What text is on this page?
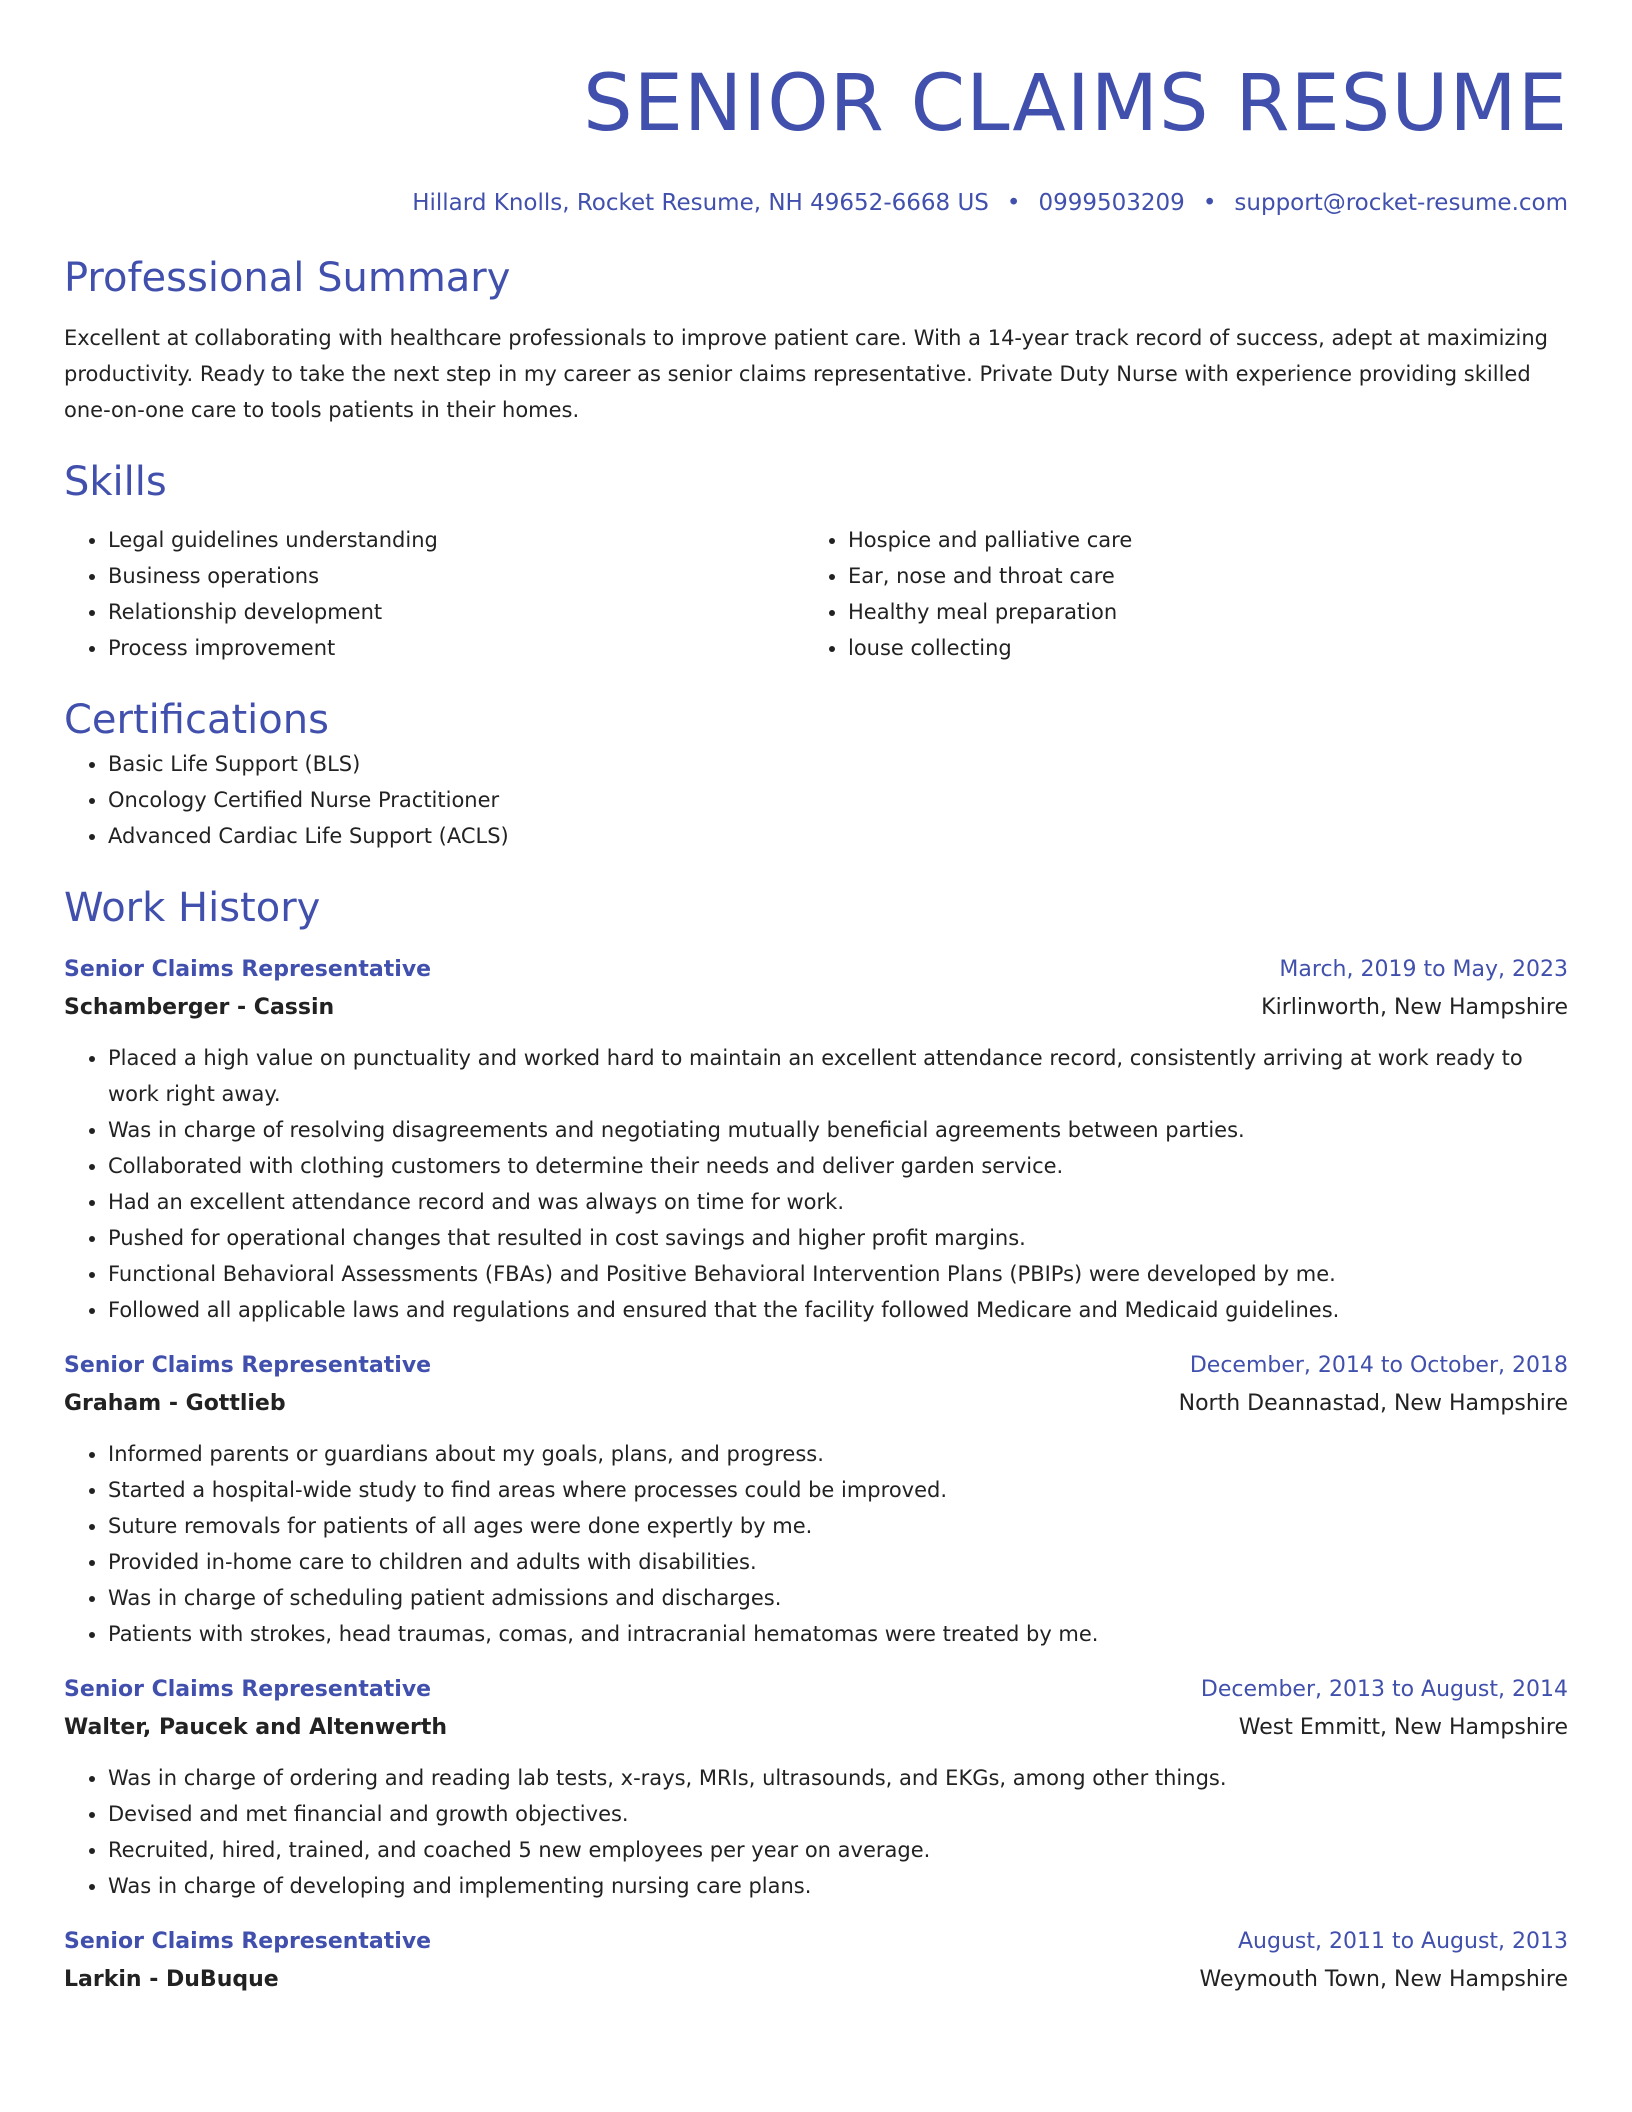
SENIOR CLAIMS RESUME
Hillard Knolls, Rocket Resume, NH 49652-6668 US • 0999503209 • support@rocket-resume.com
Professional Summary
Excellent at collaborating with healthcare professionals to improve patient care. With a 14-year track record of success, adept at maximizing productivity. Ready to take the next step in my career as senior claims representative. Private Duty Nurse with experience providing skilled one-on-one care to tools patients in their homes.
Skills
• Legal guidelines understanding
• Business operations
• Relationship development
• Process improvement
• Hospice and palliative care
• Ear, nose and throat care
• Healthy meal preparation
• louse collecting
Certifications
• Basic Life Support (BLS)
• Oncology Certified Nurse Practitioner
• Advanced Cardiac Life Support (ACLS)
Work History
Senior Claims Representative	March, 2019 to May, 2023
Schamberger - Cassin	Kirlinworth, New Hampshire
• Placed a high value on punctuality and worked hard to maintain an excellent attendance record, consistently arriving at work ready to work right away.
• Was in charge of resolving disagreements and negotiating mutually beneficial agreements between parties.
• Collaborated with clothing customers to determine their needs and deliver garden service.
• Had an excellent attendance record and was always on time for work.
• Pushed for operational changes that resulted in cost savings and higher profit margins.
• Functional Behavioral Assessments (FBAs) and Positive Behavioral Intervention Plans (PBIPs) were developed by me.
• Followed all applicable laws and regulations and ensured that the facility followed Medicare and Medicaid guidelines.
Senior Claims Representative	December, 2014 to October, 2018
Graham - Gottlieb	North Deannastad, New Hampshire
• Informed parents or guardians about my goals, plans, and progress.
• Started a hospital-wide study to find areas where processes could be improved.
• Suture removals for patients of all ages were done expertly by me.
• Provided in-home care to children and adults with disabilities.
• Was in charge of scheduling patient admissions and discharges.
• Patients with strokes, head traumas, comas, and intracranial hematomas were treated by me.
Senior Claims Representative	December, 2013 to August, 2014
Walter, Paucek and Altenwerth	West Emmitt, New Hampshire
• Was in charge of ordering and reading lab tests, x-rays, MRIs, ultrasounds, and EKGs, among other things.
• Devised and met financial and growth objectives.
• Recruited, hired, trained, and coached 5 new employees per year on average.
• Was in charge of developing and implementing nursing care plans.
Senior Claims Representative	August, 2011 to August, 2013
Larkin - DuBuque	Weymouth Town, New Hampshire
